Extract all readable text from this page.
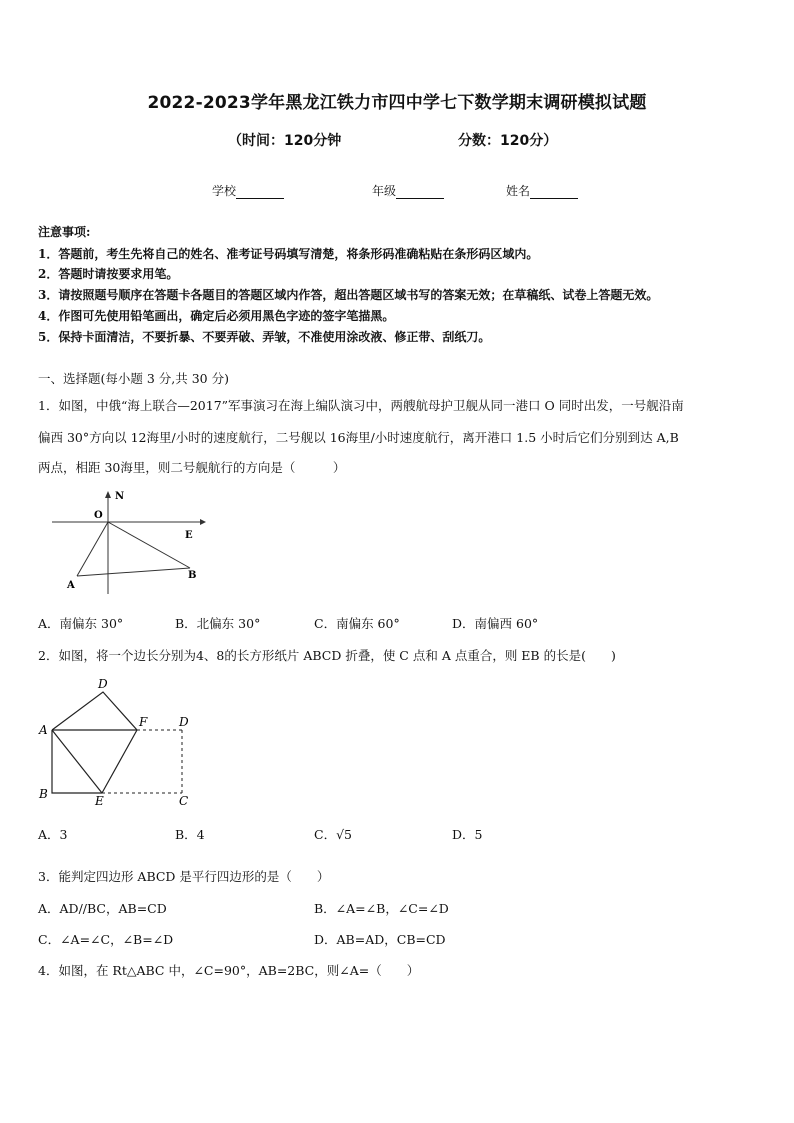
2022-2023学年黑龙江铁力市四中学七下数学期末调研模拟试题
（时间：120分钟	分数：120分）
学校	年级	姓名
注意事项:
1．答题前，考生先将自己的姓名、准考证号码填写清楚，将条形码准确粘贴在条形码区域内。
2．答题时请按要求用笔。
3．请按照题号顺序在答题卡各题目的答题区域内作答，超出答题区域书写的答案无效；在草稿纸、试卷上答题无效。
4．作图可先使用铅笔画出，确定后必须用黑色字迹的签字笔描黑。
5．保持卡面清洁，不要折暴、不要弄破、弄皱，不准使用涂改液、修正带、刮纸刀。
一、选择题(每小题 3 分,共 30 分)
1．如图，中俄“海上联合—2017”军事演习在海上编队演习中，两艘航母护卫舰从同一港口 O 同时出发，一号舰沿南
偏西 30°方向以 12海里/小时的速度航行，二号舰以 16海里/小时速度航行，离开港口 1.5 小时后它们分别到达 A,B
两点，相距 30海里，则二号舰航行的方向是（　　　）
N
O
E
A
B
A．南偏东 30°	B．北偏东 30°	C．南偏东 60°	D．南偏西 60°
2．如图，将一个边长分别为4、8的长方形纸片 ABCD 折叠，使 C 点和 A 点重合，则 EB 的长是(　　)
D
A
F	D
B	E	C
A．3	B．4	C．√5	D．5
3．能判定四边形 ABCD 是平行四边形的是（　　）
A．AD//BC，AB=CD	B．∠A=∠B，∠C=∠D
C．∠A=∠C，∠B=∠D	D．AB=AD，CB=CD
4．如图，在 Rt△ABC 中，∠C=90°，AB=2BC，则∠A=（　　）
